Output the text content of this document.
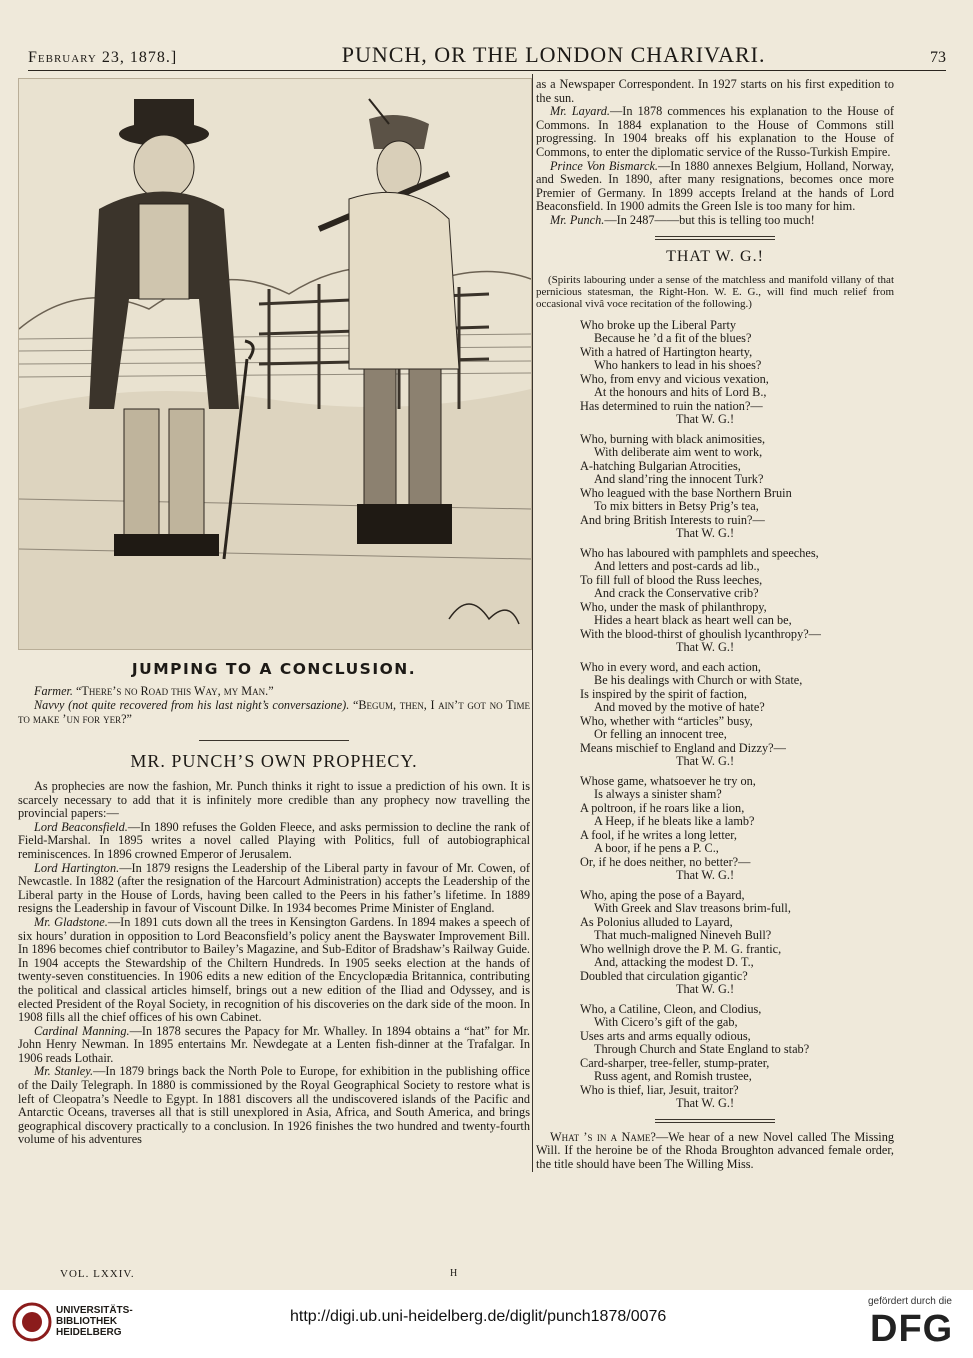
February 23, 1878.]	PUNCH, OR THE LONDON CHARIVARI.	73
JUMPING TO A CONCLUSION.
Farmer. “There’s no Road this Way, my Man.”
Navvy (not quite recovered from his last night’s conversazione). “Begum, then, I ain’t got no Time to make ’un for yer?”
MR. PUNCH’S OWN PROPHECY.

As prophecies are now the fashion, Mr. Punch thinks it right to issue a prediction of his own. It is scarcely necessary to add that it is infinitely more credible than any prophecy now travelling the provincial papers:—

Lord Beaconsfield.—In 1890 refuses the Golden Fleece, and asks permission to decline the rank of Field-Marshal. In 1895 writes a novel called Playing with Politics, full of autobiographical reminiscences. In 1896 crowned Emperor of Jerusalem.

Lord Hartington.—In 1879 resigns the Leadership of the Liberal party in favour of Mr. Cowen, of Newcastle. In 1882 (after the resignation of the Harcourt Administration) accepts the Leadership of the Liberal party in the House of Lords, having been called to the Peers in his father’s lifetime. In 1889 resigns the Leadership in favour of Viscount Dilke. In 1934 becomes Prime Minister of England.

Mr. Gladstone.—In 1891 cuts down all the trees in Kensington Gardens. In 1894 makes a speech of six hours’ duration in opposition to Lord Beaconsfield’s policy anent the Bayswater Improvement Bill. In 1896 becomes chief contributor to Bailey’s Magazine, and Sub-Editor of Bradshaw’s Railway Guide. In 1904 accepts the Stewardship of the Chiltern Hundreds. In 1905 seeks election at the hands of twenty-seven constituencies. In 1906 edits a new edition of the Encyclopædia Britannica, contributing the political and classical articles himself, brings out a new edition of the Iliad and Odyssey, and is elected President of the Royal Society, in recognition of his discoveries on the dark side of the moon. In 1908 fills all the chief offices of his own Cabinet.

Cardinal Manning.—In 1878 secures the Papacy for Mr. Whalley. In 1894 obtains a “hat” for Mr. John Henry Newman. In 1895 entertains Mr. Newdegate at a Lenten fish-dinner at the Trafalgar. In 1906 reads Lothair.

Mr. Stanley.—In 1879 brings back the North Pole to Europe, for exhibition in the publishing office of the Daily Telegraph. In 1880 is commissioned by the Royal Geographical Society to restore what is left of Cleopatra’s Needle to Egypt. In 1881 discovers all the undiscovered islands of the Pacific and Antarctic Oceans, traverses all that is still unexplored in Asia, Africa, and South America, and brings geographical discovery practically to a conclusion. In 1926 finishes the two hundred and twenty-fourth volume of his adventures

as a Newspaper Correspondent. In 1927 starts on his first expedition to the sun.

Mr. Layard.—In 1878 commences his explanation to the House of Commons. In 1884 explanation to the House of Commons still progressing. In 1904 breaks off his explanation to the House of Commons, to enter the diplomatic service of the Russo-Turkish Empire.

Prince Von Bismarck.—In 1880 annexes Belgium, Holland, Norway, and Sweden. In 1890, after many resignations, becomes once more Premier of Germany. In 1899 accepts Ireland at the hands of Lord Beaconsfield. In 1900 admits the Green Isle is too many for him.

Mr. Punch.—In 2487——but this is telling too much!

THAT W. G.!

(Spirits labouring under a sense of the matchless and manifold villany of that pernicious statesman, the Right-Hon. W. E. G., will find much relief from occasional vivâ voce recitation of the following.)

Who broke up the Liberal Party
Because he ’d a fit of the blues?
With a hatred of Hartington hearty,
Who hankers to lead in his shoes?
Who, from envy and vicious vexation,
At the honours and hits of Lord B.,
Has determined to ruin the nation?—
That W. G.!
Who, burning with black animosities,
With deliberate aim went to work,
A-hatching Bulgarian Atrocities,
And sland’ring the innocent Turk?
Who leagued with the base Northern Bruin
To mix bitters in Betsy Prig’s tea,
And bring British Interests to ruin?—
That W. G.!
Who has laboured with pamphlets and speeches,
And letters and post-cards ad lib.,
To fill full of blood the Russ leeches,
And crack the Conservative crib?
Who, under the mask of philanthropy,
Hides a heart black as heart well can be,
With the blood-thirst of ghoulish lycanthropy?—
That W. G.!
Who in every word, and each action,
Be his dealings with Church or with State,
Is inspired by the spirit of faction,
And moved by the motive of hate?
Who, whether with “articles” busy,
Or felling an innocent tree,
Means mischief to England and Dizzy?—
That W. G.!
Whose game, whatsoever he try on,
Is always a sinister sham?
A poltroon, if he roars like a lion,
A Heep, if he bleats like a lamb?
A fool, if he writes a long letter,
A boor, if he pens a P. C.,
Or, if he does neither, no better?—
That W. G.!
Who, aping the pose of a Bayard,
With Greek and Slav treasons brim-full,
As Polonius alluded to Layard,
That much-maligned Nineveh Bull?
Who wellnigh drove the P. M. G. frantic,
And, attacking the modest D. T.,
Doubled that circulation gigantic?
That W. G.!
Who, a Catiline, Cleon, and Clodius,
With Cicero’s gift of the gab,
Uses arts and arms equally odious,
Through Church and State England to stab?
Card-sharper, tree-feller, stump-prater,
Russ agent, and Romish trustee,
Who is thief, liar, Jesuit, traitor?
That W. G.!

What ’s in a Name?—We hear of a new Novel called The Missing Will. If the heroine be of the Rhoda Broughton advanced female order, the title should have been The Willing Miss.

VOL. LXXIV.	H
UNIVERSITÄTS-
BIBLIOTHEK
HEIDELBERG
http://digi.ub.uni-heidelberg.de/diglit/punch1878/0076
gefördert durch die
DFG
